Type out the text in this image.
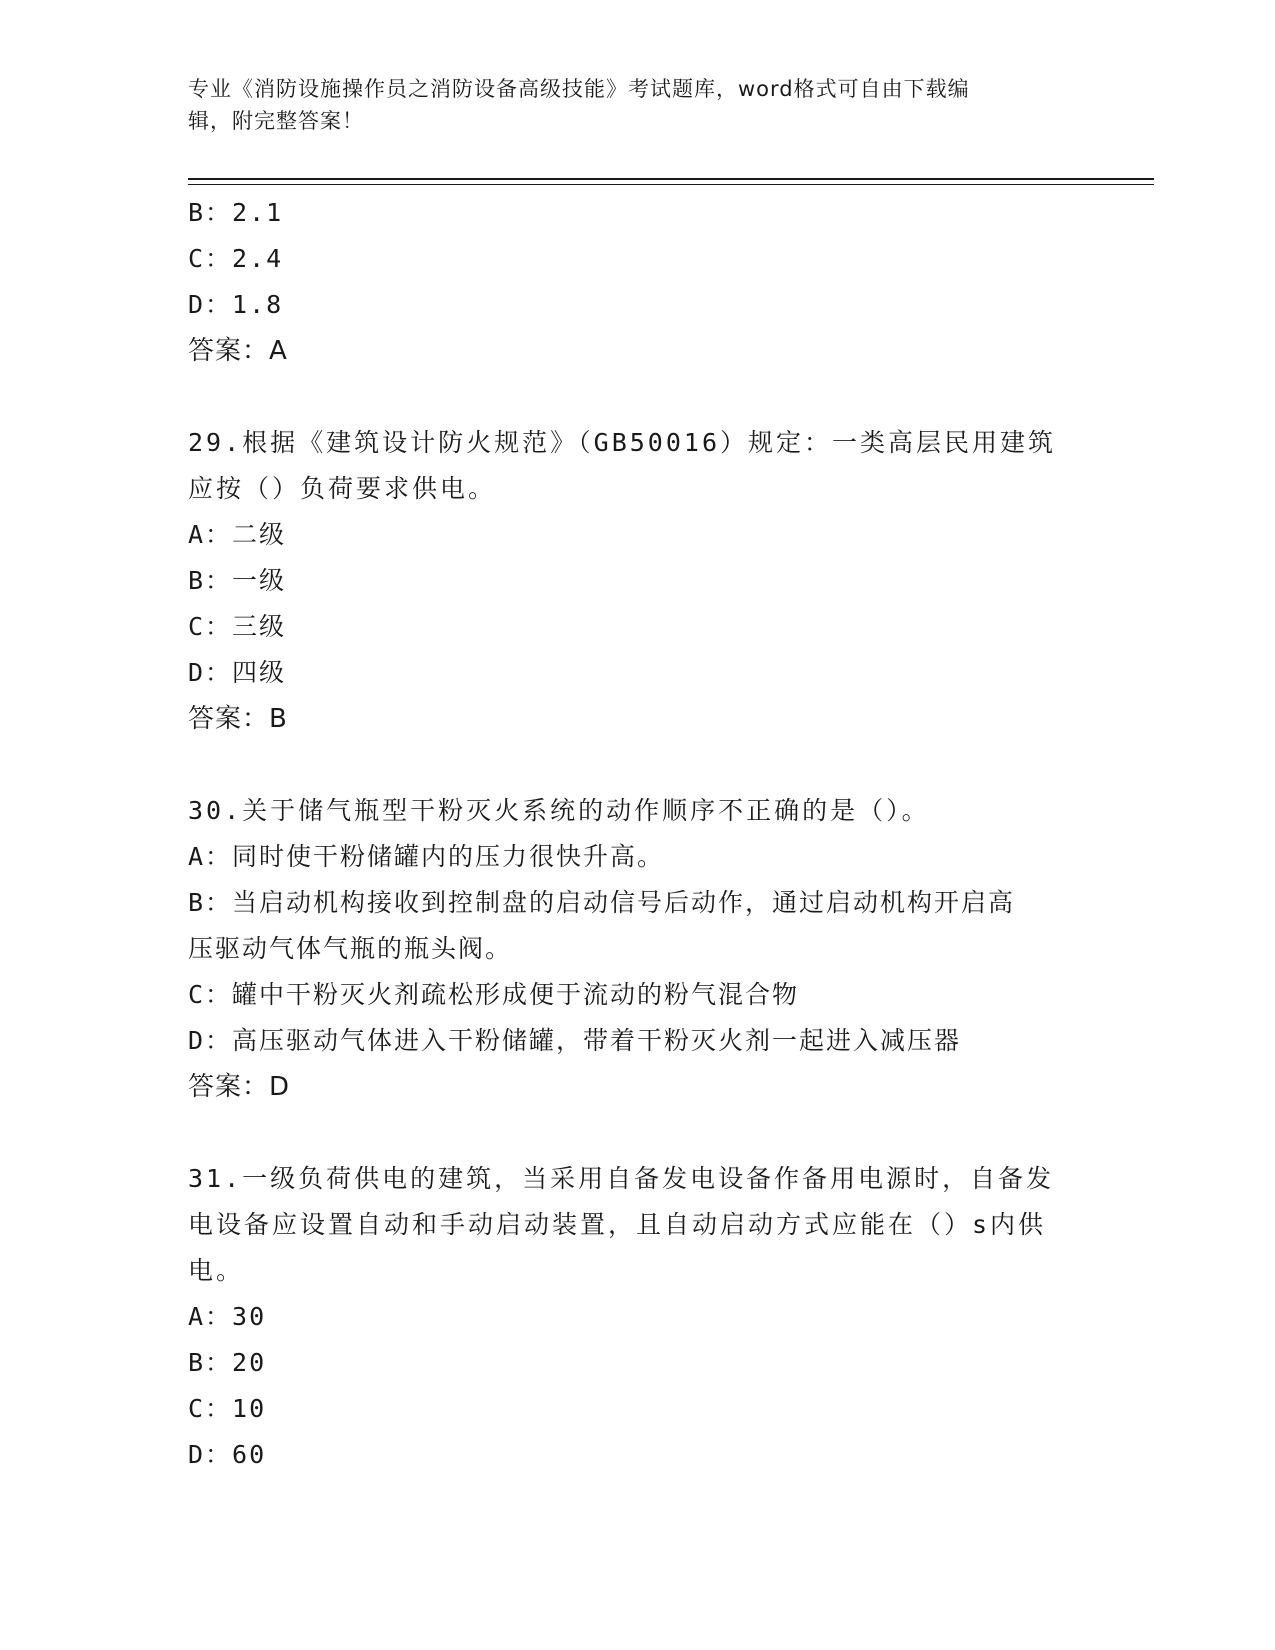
专业《消防设施操作员之消防设备高级技能》考试题库，word格式可自由下载编
辑，附完整答案！
B：2.1
C：2.4
D：1.8
答案：A
29.根据《建筑设计防火规范》（GB50016）规定：一类高层民用建筑
应按（）负荷要求供电。
A：二级
B：一级
C：三级
D：四级
答案：B
30.关于储气瓶型干粉灭火系统的动作顺序不正确的是（）。
A：同时使干粉储罐内的压力很快升高。
B：当启动机构接收到控制盘的启动信号后动作，通过启动机构开启高
压驱动气体气瓶的瓶头阀。
C：罐中干粉灭火剂疏松形成便于流动的粉气混合物
D：高压驱动气体进入干粉储罐，带着干粉灭火剂一起进入减压器
答案：D
31.一级负荷供电的建筑，当采用自备发电设备作备用电源时，自备发
电设备应设置自动和手动启动装置，且自动启动方式应能在（）s内供
电。
A：30
B：20
C：10
D：60
